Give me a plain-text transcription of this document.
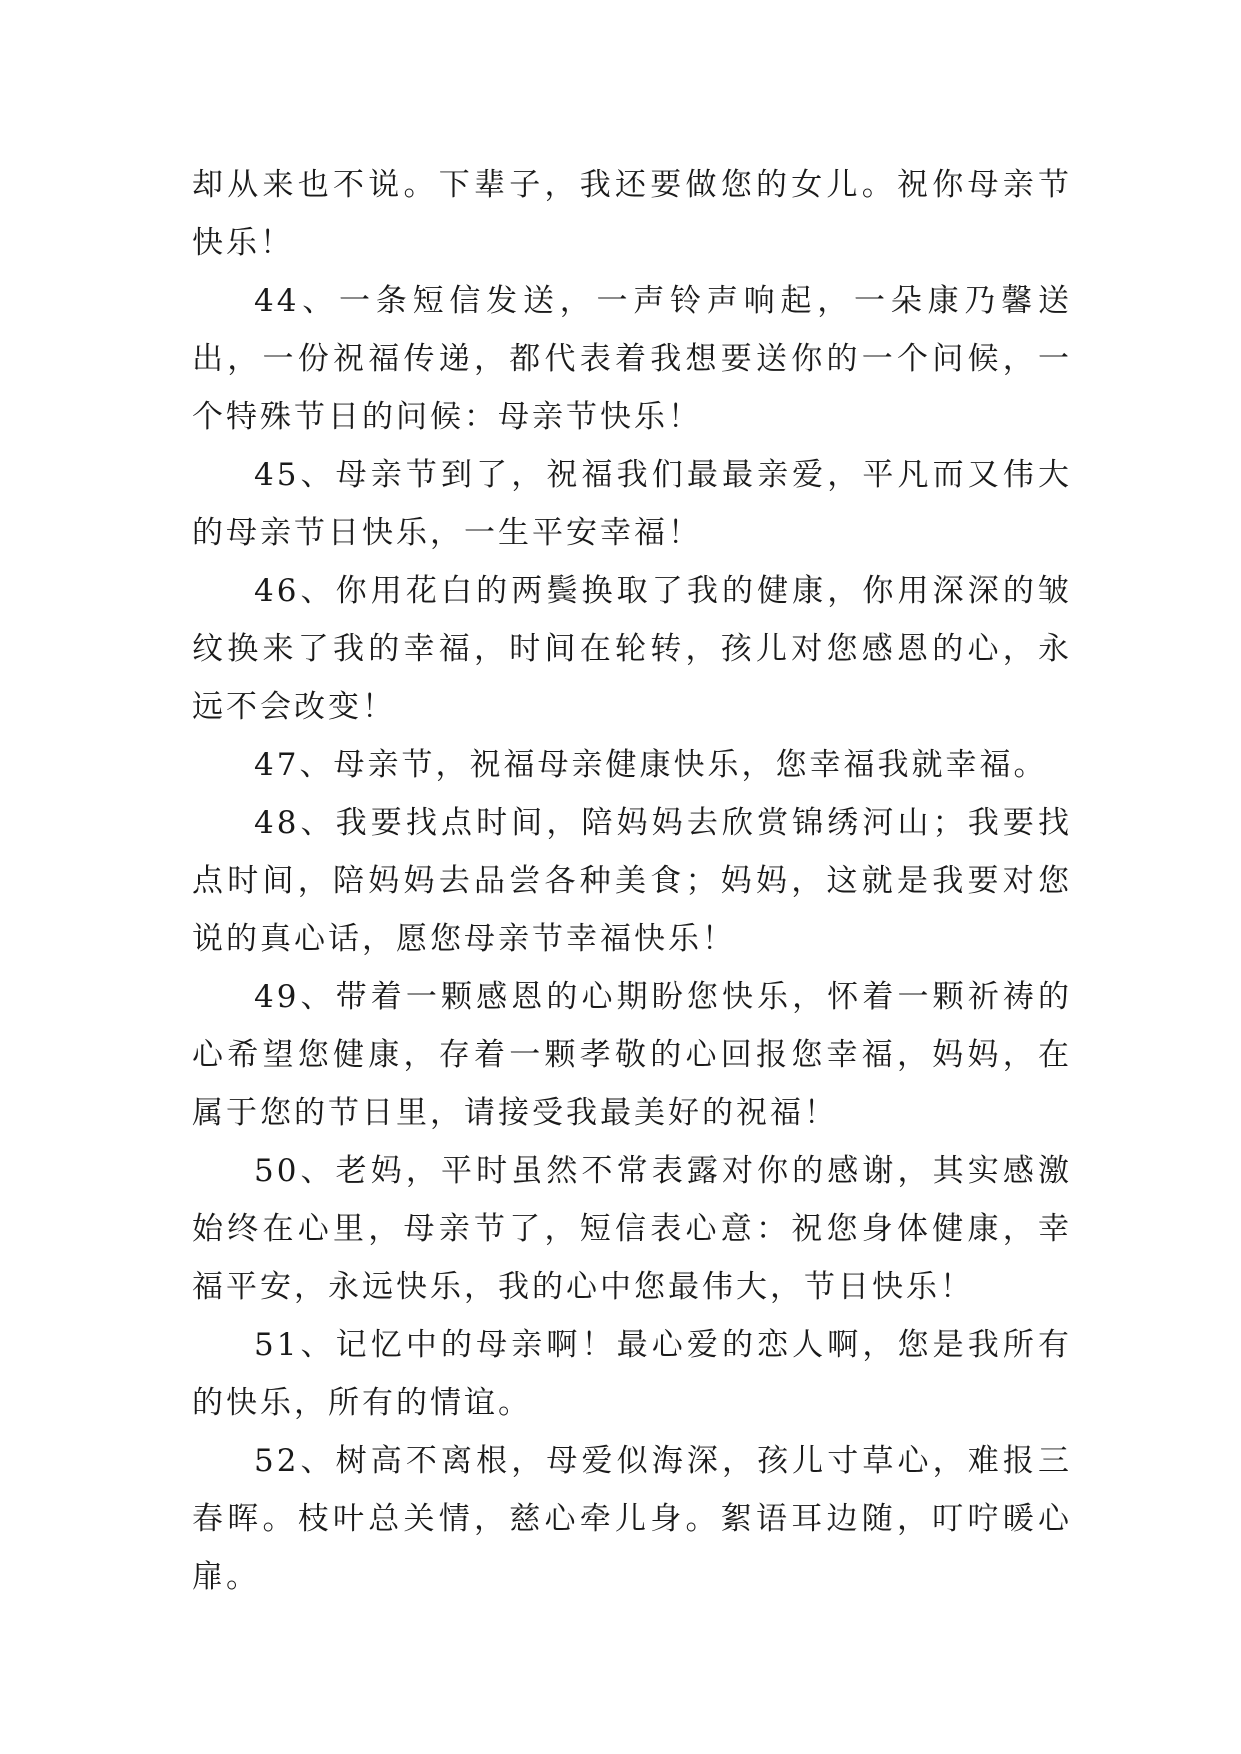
却从来也不说。下辈子，我还要做您的女儿。祝你母亲节快乐！

44、一条短信发送，一声铃声响起，一朵康乃馨送出，一份祝福传递，都代表着我想要送你的一个问候，一个特殊节日的问候：母亲节快乐！

45、母亲节到了，祝福我们最最亲爱，平凡而又伟大的母亲节日快乐，一生平安幸福！

46、你用花白的两鬓换取了我的健康，你用深深的皱纹换来了我的幸福，时间在轮转，孩儿对您感恩的心，永远不会改变！

47、母亲节，祝福母亲健康快乐，您幸福我就幸福。

48、我要找点时间，陪妈妈去欣赏锦绣河山；我要找点时间，陪妈妈去品尝各种美食；妈妈，这就是我要对您说的真心话，愿您母亲节幸福快乐！

49、带着一颗感恩的心期盼您快乐，怀着一颗祈祷的心希望您健康，存着一颗孝敬的心回报您幸福，妈妈，在属于您的节日里，请接受我最美好的祝福！

50、老妈，平时虽然不常表露对你的感谢，其实感激始终在心里，母亲节了，短信表心意：祝您身体健康，幸福平安，永远快乐，我的心中您最伟大，节日快乐！

51、记忆中的母亲啊！最心爱的恋人啊，您是我所有的快乐，所有的情谊。

52、树高不离根，母爱似海深，孩儿寸草心，难报三春晖。枝叶总关情，慈心牵儿身。絮语耳边随，叮咛暖心扉。
